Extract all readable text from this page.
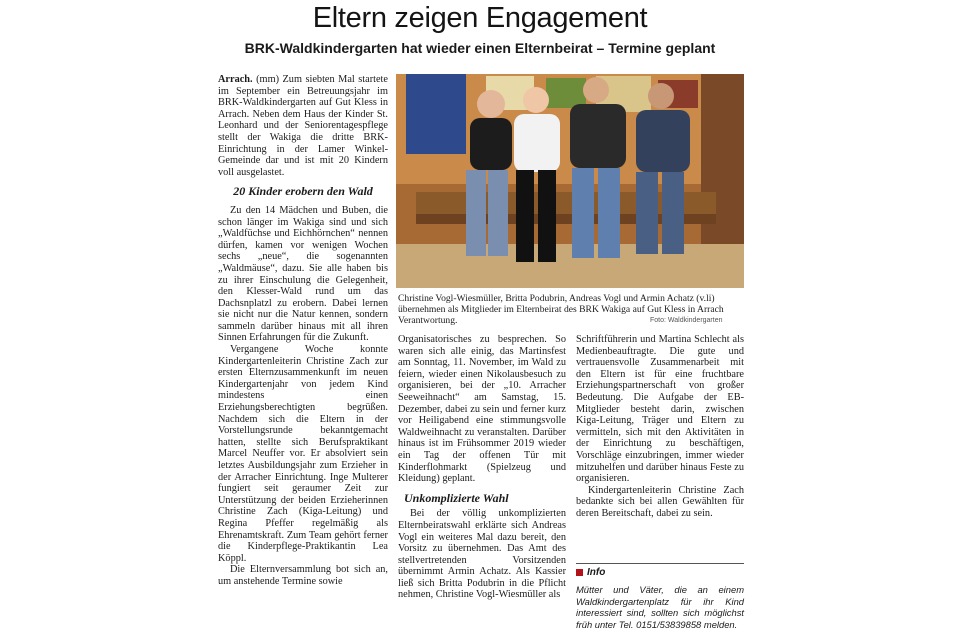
Eltern zeigen Engagement
BRK-Waldkindergarten hat wieder einen Elternbeirat – Termine geplant

Arrach. (mm) Zum siebten Mal startete im September ein Betreuungsjahr im BRK-Waldkindergarten auf Gut Kless in Arrach. Neben dem Haus der Kinder St. Leonhard und der Seniorentagespflege stellt der Wakiga die dritte BRK-Einrichtung in der Lamer Winkel-Gemeinde dar und ist mit 20 Kindern voll ausgelastet.

20 Kinder erobern den Wald

Zu den 14 Mädchen und Buben, die schon länger im Wakiga sind und sich „Waldfüchse und Eichhörnchen“ nennen dürfen, kamen vor wenigen Wochen sechs „neue“, die sogenannten „Waldmäuse“, dazu. Sie alle haben bis zu ihrer Einschulung die Gelegenheit, den Klesser-Wald rund um das Dachsnplatzl zu erobern. Dabei lernen sie nicht nur die Natur kennen, sondern sammeln darüber hinaus mit all ihren Sinnen Erfahrungen für die Zukunft.

Vergangene Woche konnte Kindergartenleiterin Christine Zach zur ersten Elternzusammenkunft im neuen Kindergartenjahr von jedem Kind mindestens einen Erziehungsberechtigten begrüßen. Nachdem sich die Eltern in der Vorstellungsrunde bekanntgemacht hatten, stellte sich Berufspraktikant Marcel Neuffer vor. Er absolviert sein letztes Ausbildungsjahr zum Erzieher in der Arracher Einrichtung. Inge Multerer fungiert seit geraumer Zeit zur Unterstützung der beiden Erzieherinnen Christine Zach (Kiga-Leitung) und Regina Pfeffer regelmäßig als Ehrenamtskraft. Zum Team gehört ferner die Kinderpflege-Praktikantin Lea Köppl.

Die Elternversammlung bot sich an, um anstehende Termine sowie

Christine Vogl-Wiesmüller, Britta Podubrin, Andreas Vogl und Armin Achatz (v.li) übernehmen als Mitglieder im Elternbeirat des BRK Wakiga auf Gut Kless in Arrach Verantwortung.	Foto: Waldkindergarten

Organisatorisches zu besprechen. So waren sich alle einig, das Martinsfest am Sonntag, 11. November, im Wald zu feiern, wieder einen Nikolausbesuch zu organisieren, bei der „10. Arracher Seeweihnacht“ am Samstag, 15. Dezember, dabei zu sein und ferner kurz vor Heiligabend eine stimmungsvolle Waldweihnacht zu veranstalten. Darüber hinaus ist im Frühsommer 2019 wieder ein Tag der offenen Tür mit Kinderflohmarkt (Spielzeug und Kleidung) geplant.

Unkomplizierte Wahl

Bei der völlig unkomplizierten Elternbeiratswahl erklärte sich Andreas Vogl ein weiteres Mal dazu bereit, den Vorsitz zu übernehmen. Das Amt des stellvertretenden Vorsitzenden übernimmt Armin Achatz. Als Kassier ließ sich Britta Podubrin in die Pflicht nehmen, Christine Vogl-Wiesmüller als

Schriftführerin und Martina Schlecht als Medienbeauftragte. Die gute und vertrauensvolle Zusammenarbeit mit den Eltern ist für eine fruchtbare Erziehungspartnerschaft von großer Bedeutung. Die Aufgabe der EB-Mitglieder besteht darin, zwischen Kiga-Leitung, Träger und Eltern zu vermitteln, sich mit den Aktivitäten in der Einrichtung zu beschäftigen, Vorschläge einzubringen, immer wieder mitzuhelfen und darüber hinaus Feste zu organisieren.

Kindergartenleiterin Christine Zach bedankte sich bei allen Gewählten für deren Bereitschaft, dabei zu sein.

Info
Mütter und Väter, die an einem Waldkindergartenplatz für ihr Kind interessiert sind, sollten sich möglichst früh unter Tel. 0151/53839858 melden.
